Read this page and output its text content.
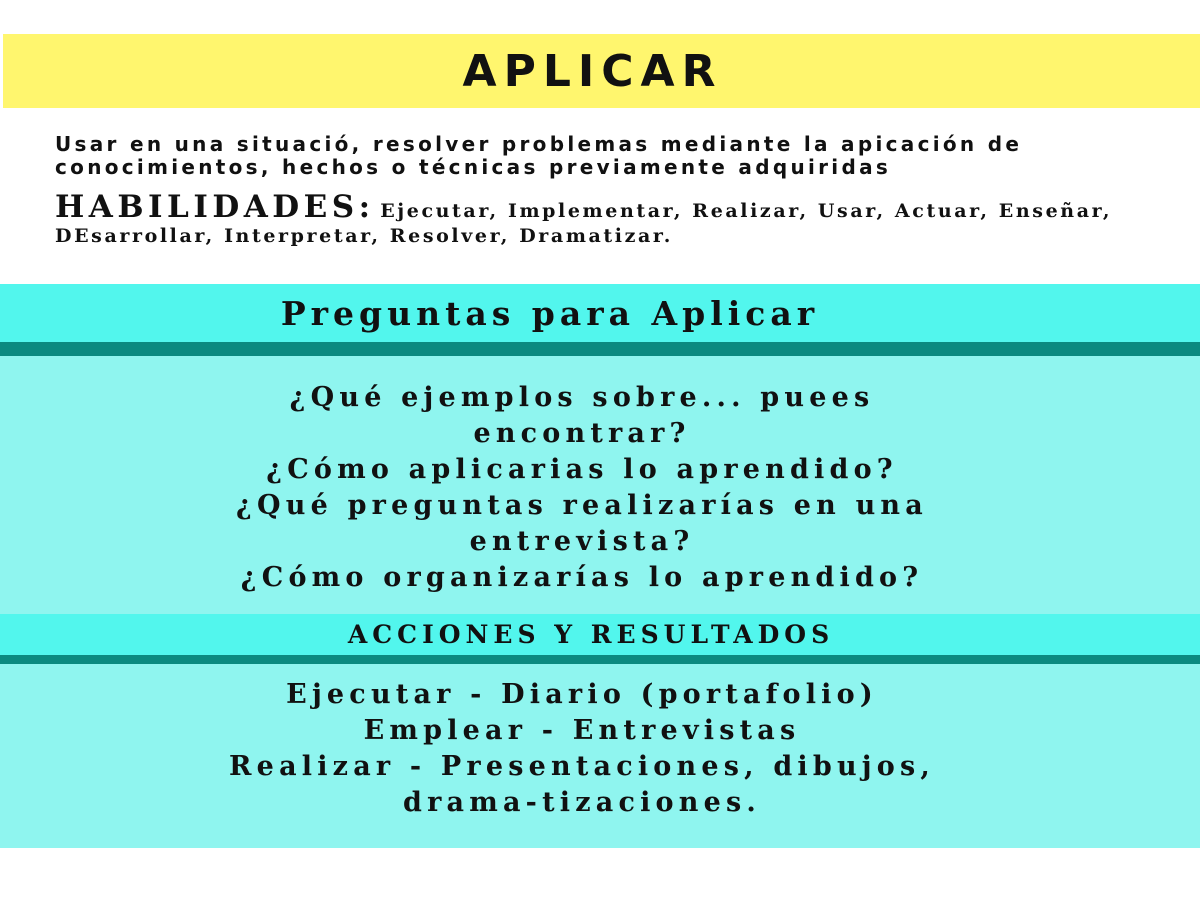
APLICAR

Usar en una situació, resolver problemas mediante la apicación de conocimientos, hechos o técnicas previamente adquiridas

HABILIDADES: Ejecutar, Implementar, Realizar, Usar, Actuar, Enseñar, DEsarrollar, Interpretar, Resolver, Dramatizar.

Preguntas para Aplicar
¿Qué ejemplos sobre... puees encontrar?
¿Cómo aplicarias lo aprendido?
¿Qué preguntas realizarías en una entrevista?
¿Cómo organizarías lo aprendido?
ACCIONES Y RESULTADOS
Ejecutar - Diario (portafolio)
Emplear - Entrevistas
Realizar - Presentaciones, dibujos, drama-tizaciones.
